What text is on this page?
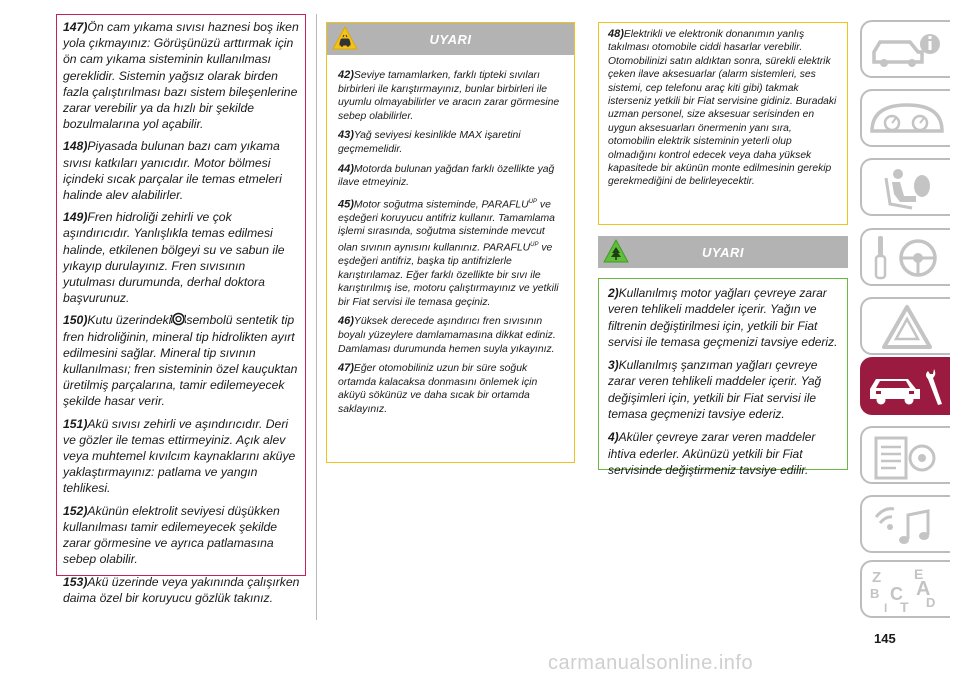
147)Ön cam yıkama sıvısı haznesi boş iken yola çıkmayınız: Görüşünüzü arttırmak için ön cam yıkama sisteminin kullanılması gereklidir. Sistemin yağsız olarak birden fazla çalıştırılması bazı sistem bileşenlerine zarar verebilir ya da hızlı bir şekilde bozulmalarına yol açabilir.

148)Piyasada bulunan bazı cam yıkama sıvısı katkıları yanıcıdır. Motor bölmesi içindeki sıcak parçalar ile temas etmeleri halinde alev alabilirler.

149)Fren hidroliği zehirli ve çok aşındırıcıdır. Yanlışlıkla temas edilmesi halinde, etkilenen bölgeyi su ve sabun ile yıkayıp durulayınız. Fren sıvısının yutulması durumunda, derhal doktora başvurunuz.

150)Kutu üzerindeki sembolü sentetik tip fren hidroliğinin, mineral tip hidrolikten ayırt edilmesini sağlar. Mineral tip sıvının kullanılması; fren sisteminin özel kauçuktan üretilmiş parçalarına, tamir edilemeyecek şekilde hasar verir.

151)Akü sıvısı zehirli ve aşındırıcıdır. Deri ve gözler ile temas ettirmeyiniz. Açık alev veya muhtemel kıvılcım kaynaklarını aküye yaklaştırmayınız: patlama ve yangın tehlikesi.

152)Akünün elektrolit seviyesi düşükken kullanılması tamir edilemeyecek şekilde zarar görmesine ve ayrıca patlamasına sebep olabilir.

153)Akü üzerinde veya yakınında çalışırken daima özel bir koruyucu gözlük takınız.

UYARI

42)Seviye tamamlarken, farklı tipteki sıvıları birbirleri ile karıştırmayınız, bunlar birbirleri ile uyumlu olmayabilirler ve aracın zarar görmesine sebep olabilirler.

43)Yağ seviyesi kesinlikle MAX işaretini geçmemelidir.

44)Motorda bulunan yağdan farklı özellikte yağ ilave etmeyiniz.

45)Motor soğutma sisteminde, $PARAFLU^{UP}$ ve eşdeğeri koruyucu antifriz kullanır. Tamamlama işlemi sırasında, soğutma sisteminde mevcut olan sıvının aynısını kullanınız. $PARAFLU^{UP}$ ve eşdeğeri antifriz, başka tip antifrizlerle karıştırılamaz. Eğer farklı özellikte bir sıvı ile karıştırılmış ise, motoru çalıştırmayınız ve yetkili bir Fiat servisi ile temasa geçiniz.

46)Yüksek derecede aşındırıcı fren sıvısının boyalı yüzeylere damlamamasına dikkat ediniz. Damlaması durumunda hemen suyla yıkayınız.

47)Eğer otomobiliniz uzun bir süre soğuk ortamda kalacaksa donmasını önlemek için aküyü sökünüz ve daha sıcak bir ortamda saklayınız.

48)Elektrikli ve elektronik donanımın yanlış takılması otomobile ciddi hasarlar verebilir. Otomobilinizi satın aldıktan sonra, sürekli elektrik çeken ilave aksesuarlar (alarm sistemleri, ses sistemi, cep telefonu araç kiti gibi) takmak isterseniz yetkili bir Fiat servisine gidiniz. Buradaki uzman personel, size aksesuar serisinden en uygun aksesuarları önermenin yanı sıra, otomobilin elektrik sisteminin yeterli olup olmadığını kontrol edecek veya daha yüksek kapasitede bir akünün monte edilmesinin gerekip gerekmediğini de belirleyecektir.

UYARI

2)Kullanılmış motor yağları çevreye zarar veren tehlikeli maddeler içerir. Yağın ve filtrenin değiştirilmesi için, yetkili bir Fiat servisi ile temasa geçmenizi tavsiye ederiz.

3)Kullanılmış şanzıman yağları çevreye zarar veren tehlikeli maddeler içerir. Yağ değişimleri için, yetkili bir Fiat servisi ile temasa geçmenizi tavsiye ederiz.

4)Aküler çevreye zarar veren maddeler ihtiva ederler. Akünüzü yetkili bir Fiat servisinde değiştirmeniz tavsiye edilir.

Z E
B A
C
T D
I
145
carmanualsonline.info
